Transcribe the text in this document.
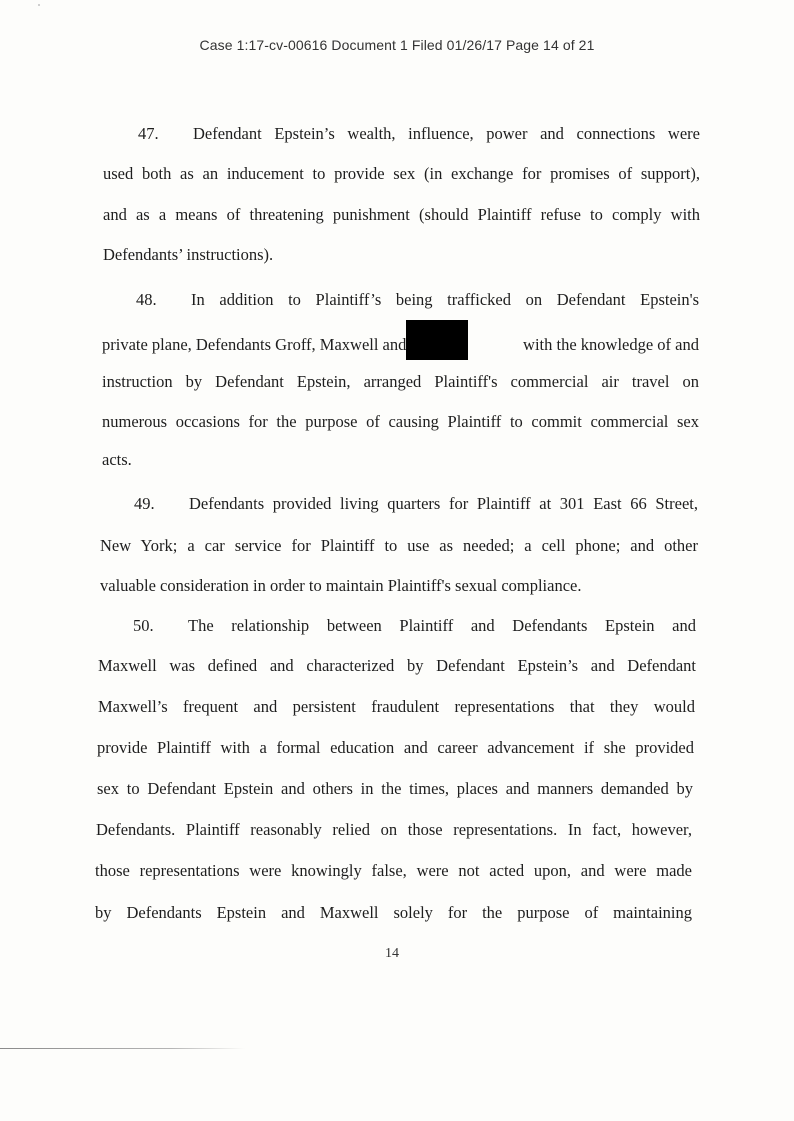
Case 1:17-cv-00616 Document 1 Filed 01/26/17 Page 14 of 21
47. Defendant Epstein’s wealth, influence, power and connections were
used both as an inducement to provide sex (in exchange for promises of support),
and as a means of threatening punishment (should Plaintiff refuse to comply with
Defendants’ instructions).
48. In addition to Plaintiff’s being trafficked on Defendant Epstein's
private plane, Defendants Groff, Maxwell and	with the knowledge of and
instruction by Defendant Epstein, arranged Plaintiff's commercial air travel on
numerous occasions for the purpose of causing Plaintiff to commit commercial sex
acts.
49. Defendants provided living quarters for Plaintiff at 301 East 66 Street,
New York; a car service for Plaintiff to use as needed; a cell phone; and other
valuable consideration in order to maintain Plaintiff's sexual compliance.
50. The relationship between Plaintiff and Defendants Epstein and
Maxwell was defined and characterized by Defendant Epstein’s and Defendant
Maxwell’s frequent and persistent fraudulent representations that they would
provide Plaintiff with a formal education and career advancement if she provided
sex to Defendant Epstein and others in the times, places and manners demanded by
Defendants. Plaintiff reasonably relied on those representations. In fact, however,
those representations were knowingly false, were not acted upon, and were made
by Defendants Epstein and Maxwell solely for the purpose of maintaining
14
